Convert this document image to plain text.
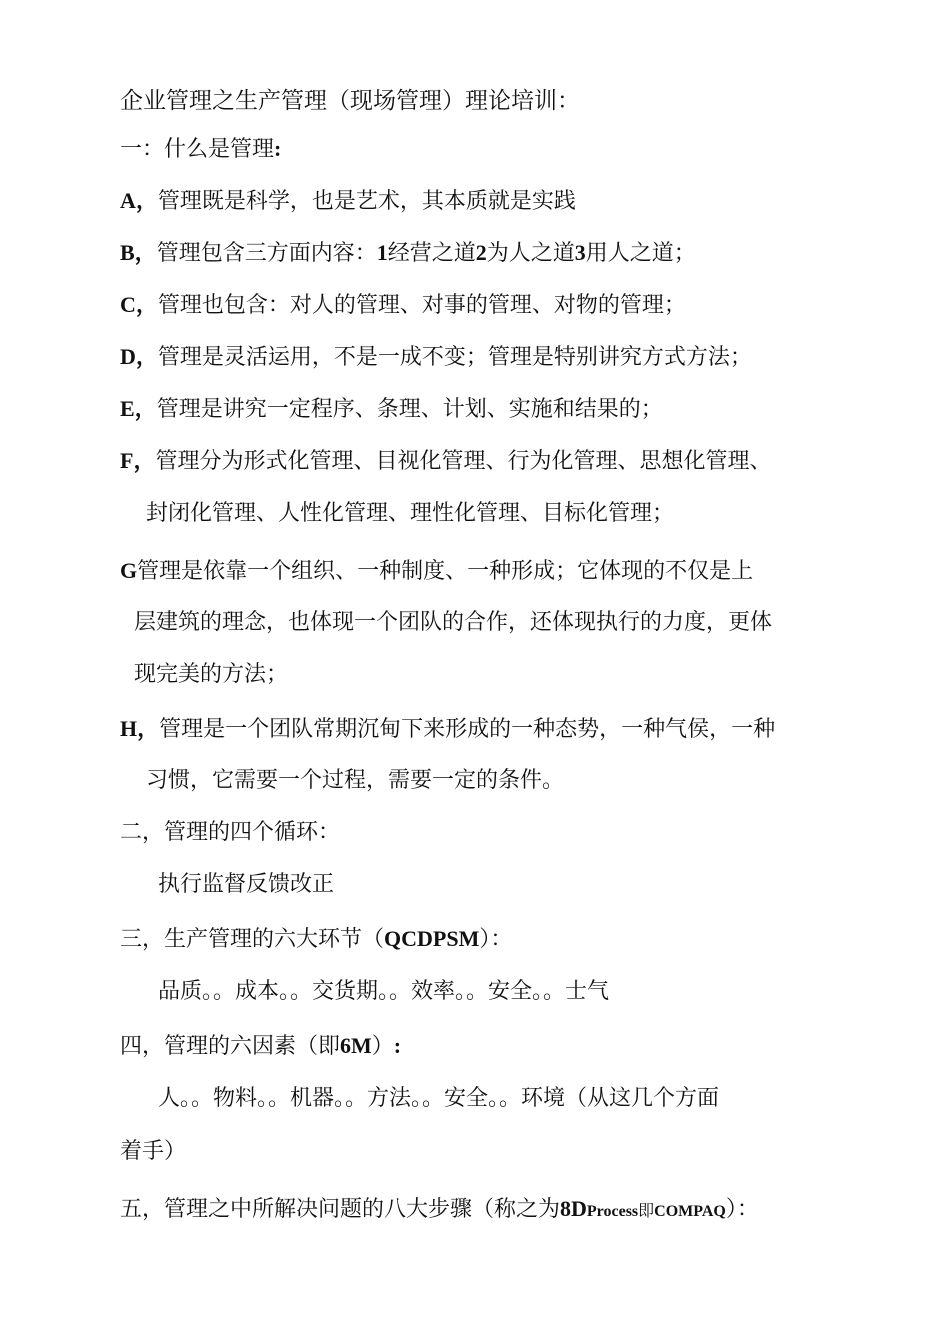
企业管理之生产管理（现场管理）理论培训：
一：什么是管理:
A，管理既是科学，也是艺术，其本质就是实践
B，管理包含三方面内容：1经营之道2为人之道3用人之道；
C，管理也包含：对人的管理、对事的管理、对物的管理；
D，管理是灵活运用，不是一成不变；管理是特别讲究方式方法；
E，管理是讲究一定程序、条理、计划、实施和结果的；
F，管理分为形式化管理、目视化管理、行为化管理、思想化管理、
封闭化管理、人性化管理、理性化管理、目标化管理；
G管理是依靠一个组织、一种制度、一种形成；它体现的不仅是上
层建筑的理念，也体现一个团队的合作，还体现执行的力度，更体
现完美的方法；
H，管理是一个团队常期沉甸下来形成的一种态势，一种气侯，一种
习惯，它需要一个过程，需要一定的条件。
二，管理的四个循环：
执行监督反馈改正
三，生产管理的六大环节（QCDPSM）：
品质。。成本。。交货期。。效率。。安全。。士气
四，管理的六因素（即6M）:
人。。物料。。机器。。方法。。安全。。环境（从这几个方面
着手）
五，管理之中所解决问题的八大步骤（称之为8DProcess即COMPAQ）：
